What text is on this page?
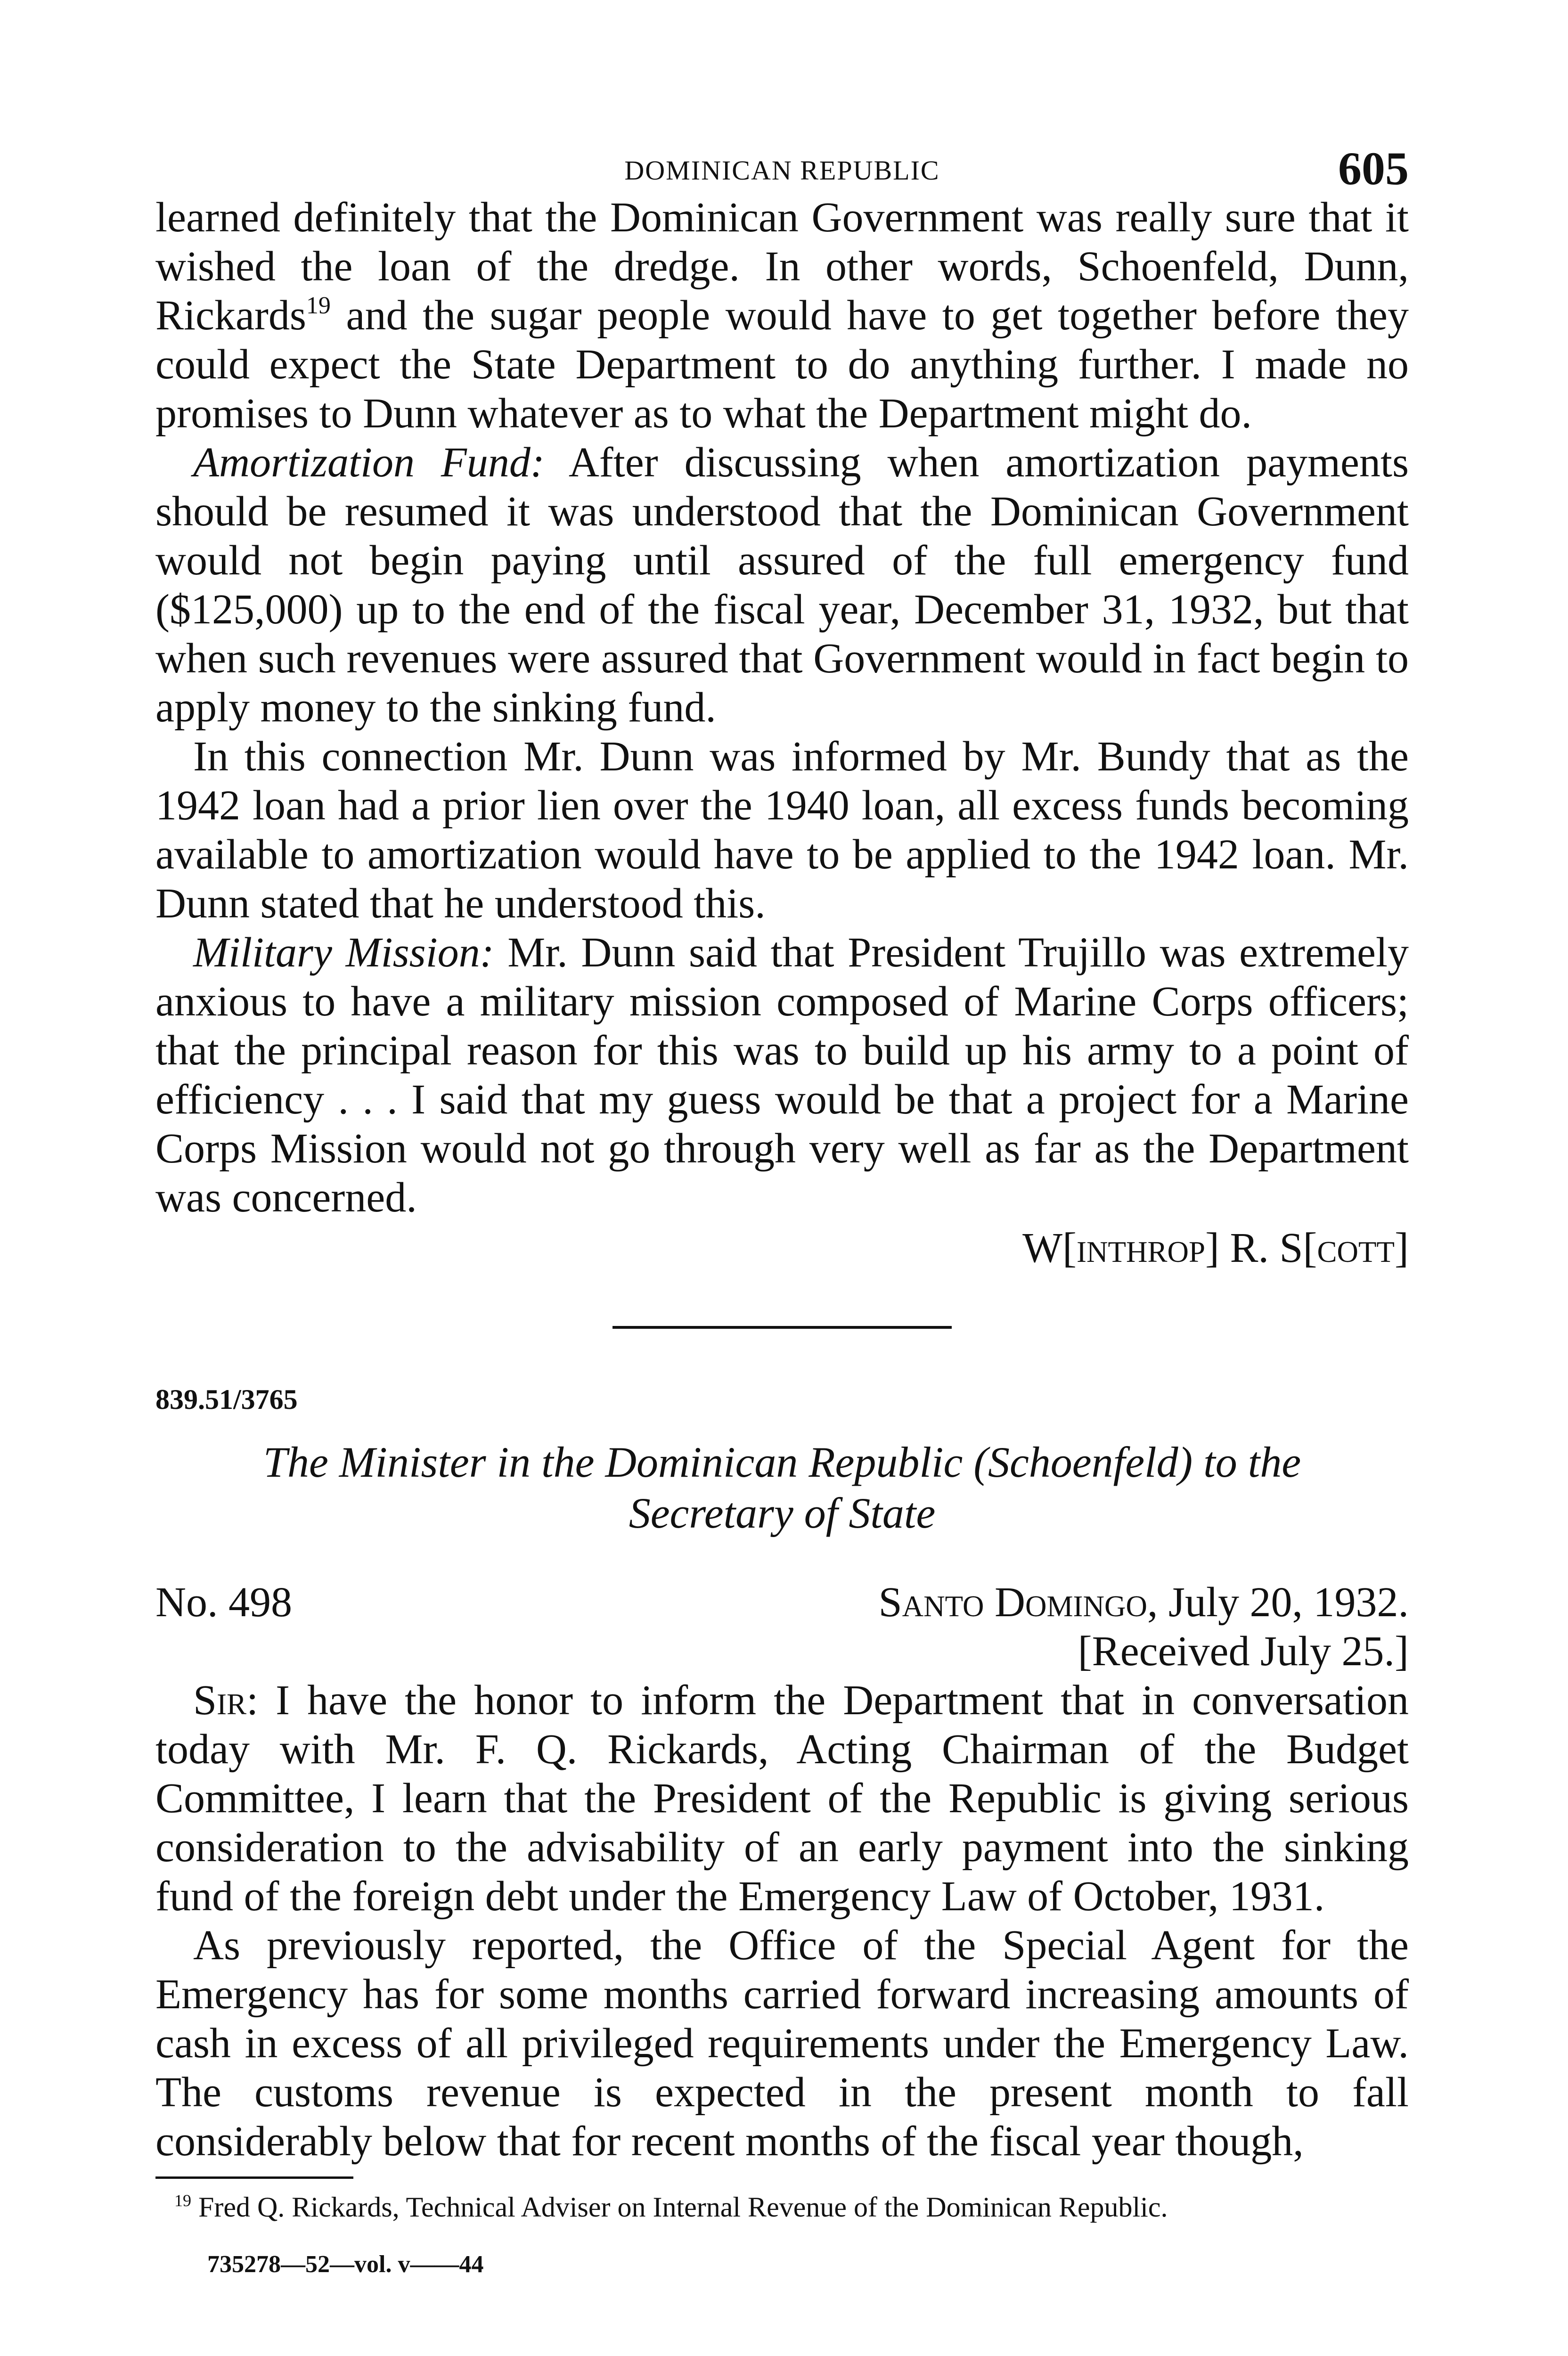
DOMINICAN REPUBLIC	605

learned definitely that the Dominican Government was really sure that it wished the loan of the dredge. In other words, Schoenfeld, Dunn, Rickards$^{19}$ and the sugar people would have to get together before they could expect the State Department to do anything further. I made no promises to Dunn whatever as to what the Department might do.

Amortization Fund: After discussing when amortization payments should be resumed it was understood that the Dominican Government would not begin paying until assured of the full emergency fund ($125,000) up to the end of the fiscal year, December 31, 1932, but that when such revenues were assured that Government would in fact begin to apply money to the sinking fund.

In this connection Mr. Dunn was informed by Mr. Bundy that as the 1942 loan had a prior lien over the 1940 loan, all excess funds becoming available to amortization would have to be applied to the 1942 loan. Mr. Dunn stated that he understood this.

Military Mission: Mr. Dunn said that President Trujillo was extremely anxious to have a military mission composed of Marine Corps officers; that the principal reason for this was to build up his army to a point of efficiency . . . I said that my guess would be that a project for a Marine Corps Mission would not go through very well as far as the Department was concerned.

W[inthrop] R. S[cott]
839.51/3765
The Minister in the Dominican Republic (Schoenfeld) to the Secretary of State
No. 498	Santo Domingo, July 20, 1932.
[Received July 25.]

Sir: I have the honor to inform the Department that in conversation today with Mr. F. Q. Rickards, Acting Chairman of the Budget Committee, I learn that the President of the Republic is giving serious consideration to the advisability of an early payment into the sinking fund of the foreign debt under the Emergency Law of October, 1931.

As previously reported, the Office of the Special Agent for the Emergency has for some months carried forward increasing amounts of cash in excess of all privileged requirements under the Emergency Law. The customs revenue is expected in the present month to fall considerably below that for recent months of the fiscal year though,

$^{19}$ Fred Q. Rickards, Technical Adviser on Internal Revenue of the Dominican Republic.
735278—52—vol. v——44
